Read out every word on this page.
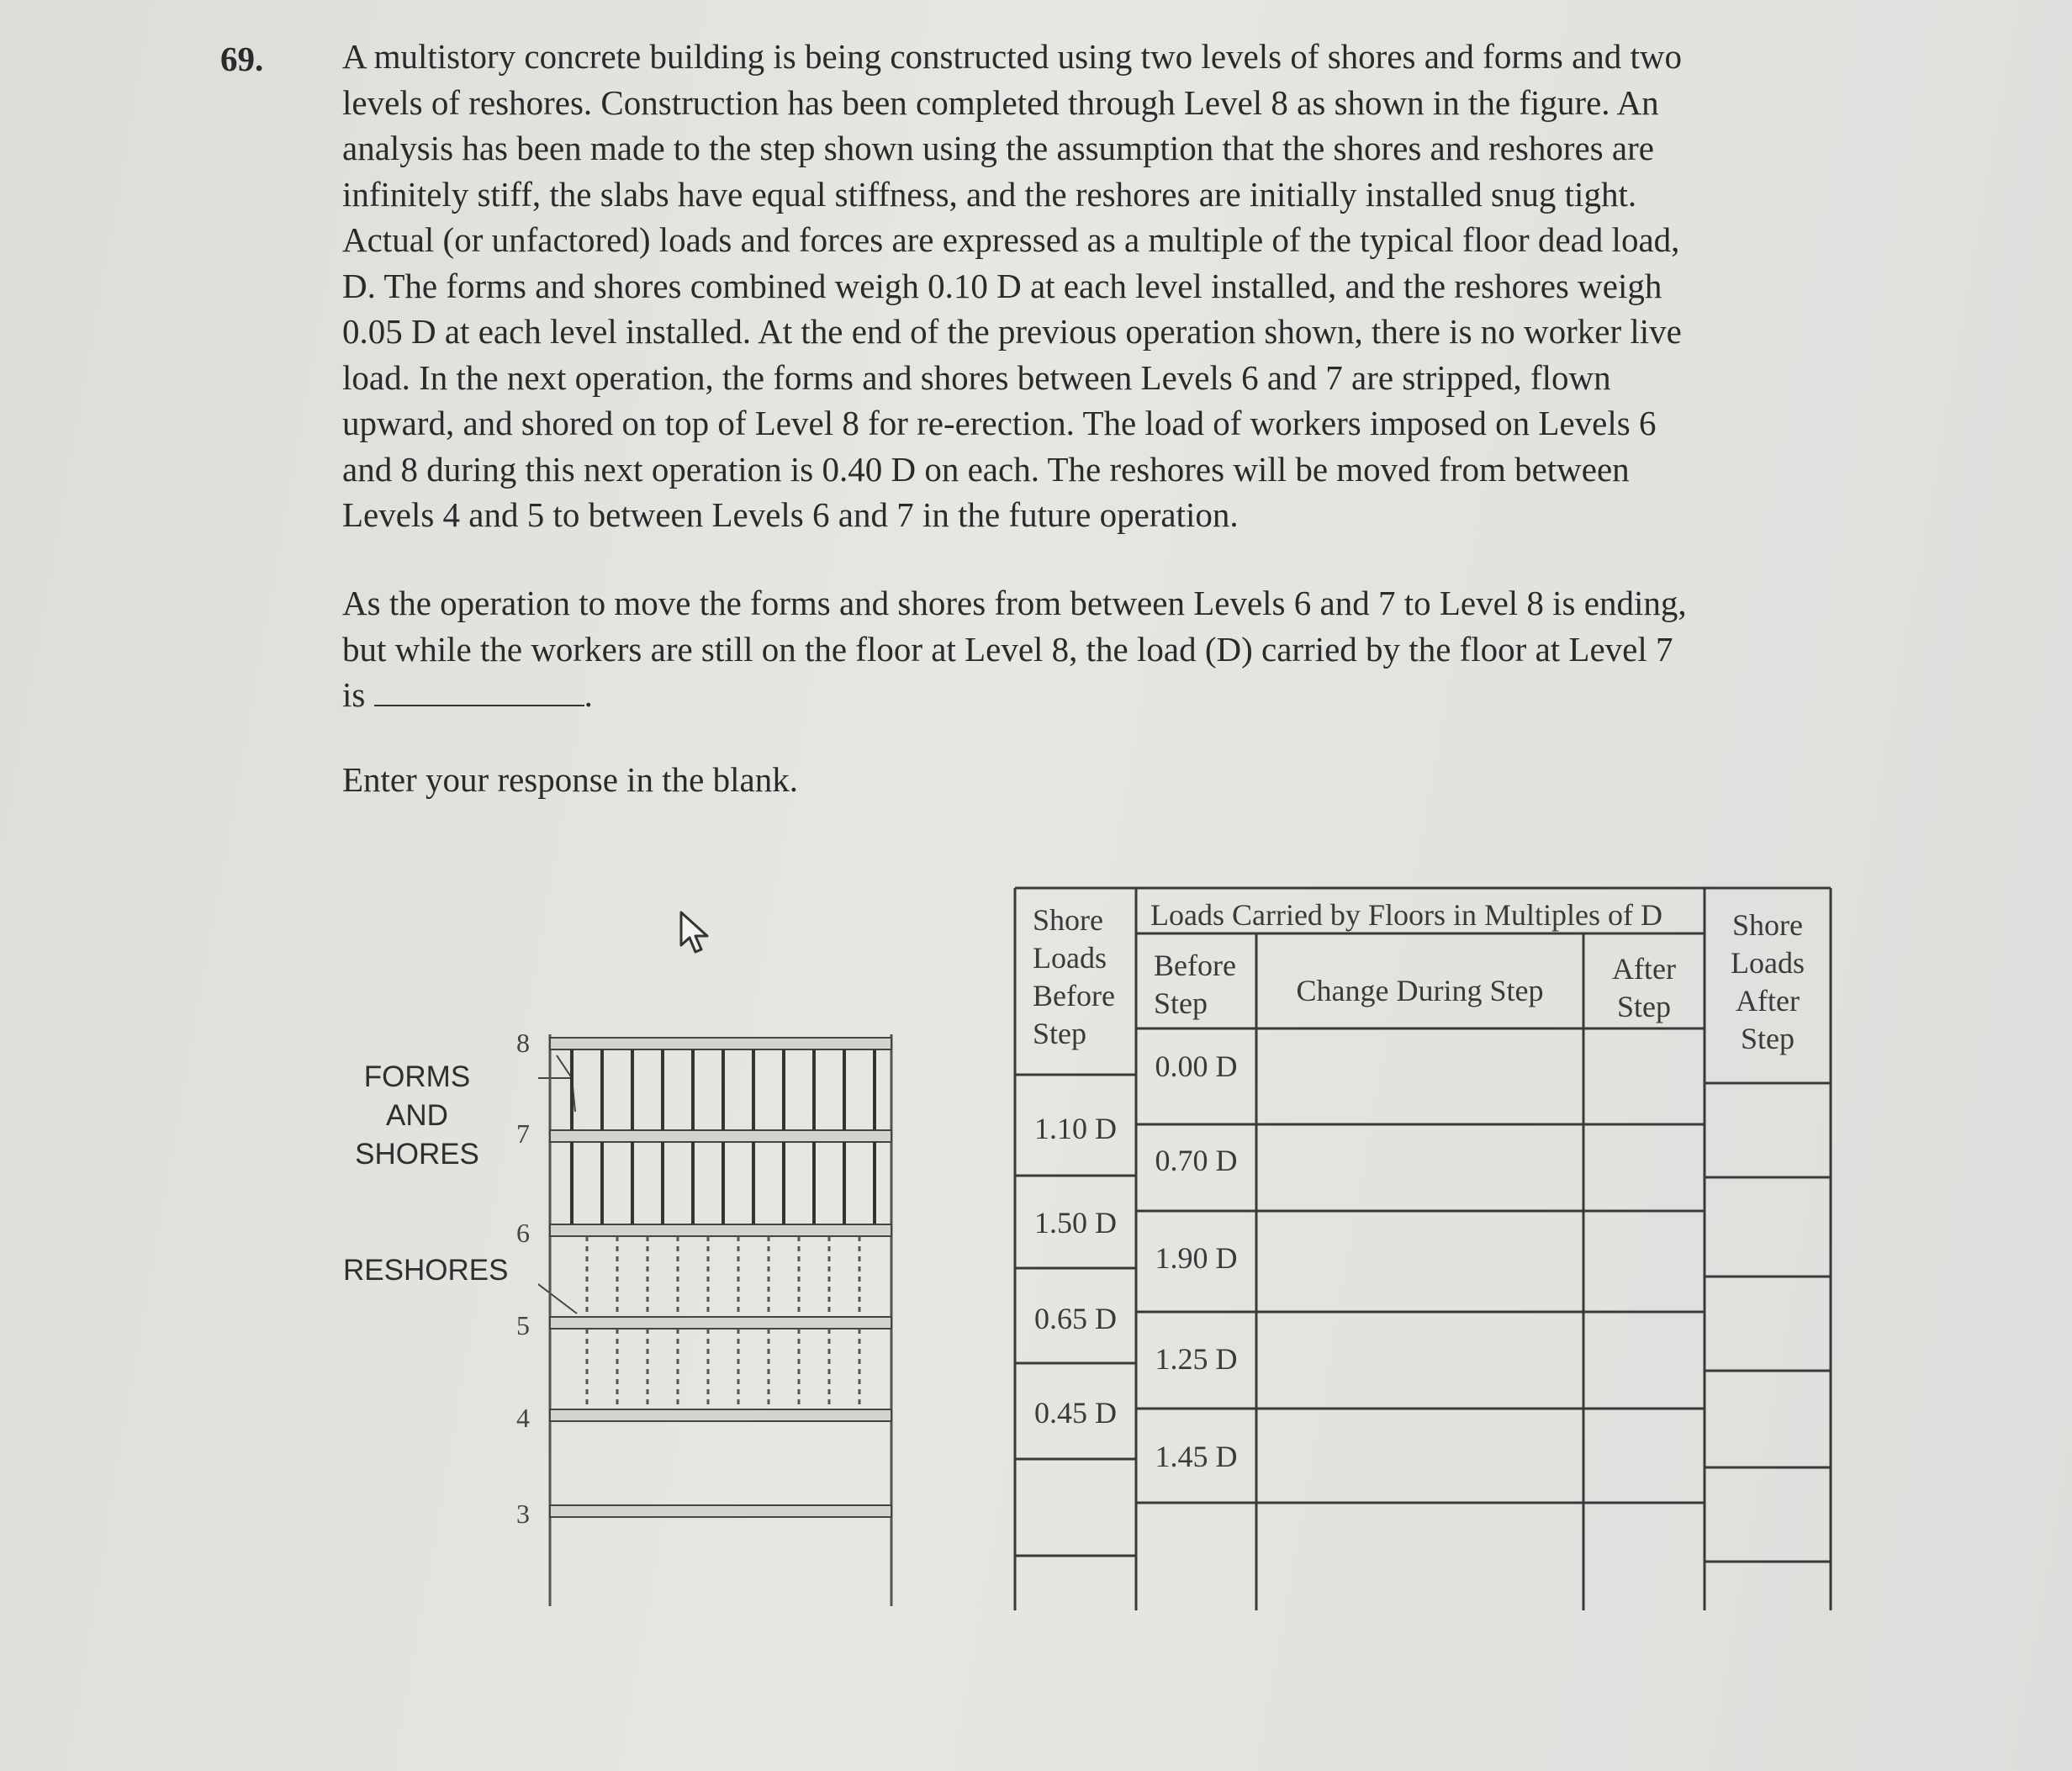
69. A multistory concrete building is being constructed using two levels of shores and forms and two
levels of reshores. Construction has been completed through Level 8 as shown in the figure. An
analysis has been made to the step shown using the assumption that the shores and reshores are
infinitely stiff, the slabs have equal stiffness, and the reshores are initially installed snug tight.
Actual (or unfactored) loads and forces are expressed as a multiple of the typical floor dead load,
D. The forms and shores combined weigh 0.10 D at each level installed, and the reshores weigh
0.05 D at each level installed. At the end of the previous operation shown, there is no worker live
load. In the next operation, the forms and shores between Levels 6 and 7 are stripped, flown
upward, and shored on top of Level 8 for re-erection. The load of workers imposed on Levels 6
and 8 during this next operation is 0.40 D on each. The reshores will be moved from between
Levels 4 and 5 to between Levels 6 and 7 in the future operation.
As the operation to move the forms and shores from between Levels 6 and 7 to Level 8 is ending,
but while the workers are still on the floor at Level 8, the load (D) carried by the floor at Level 7
is	.
Enter your response in the blank.
FORMS AND
SHORES
RESHORES
8
7
6
5
4
3
Shore
Loads
Before
Step
Loads Carried by Floors in Multiples of D
Before
Step	Change During Step
After
Step
Shore
Loads
After
Step
1.10 D
1.50 D
0.65 D
0.45 D
0.00 D
0.70 D
1.90 D
1.25 D
1.45 D
